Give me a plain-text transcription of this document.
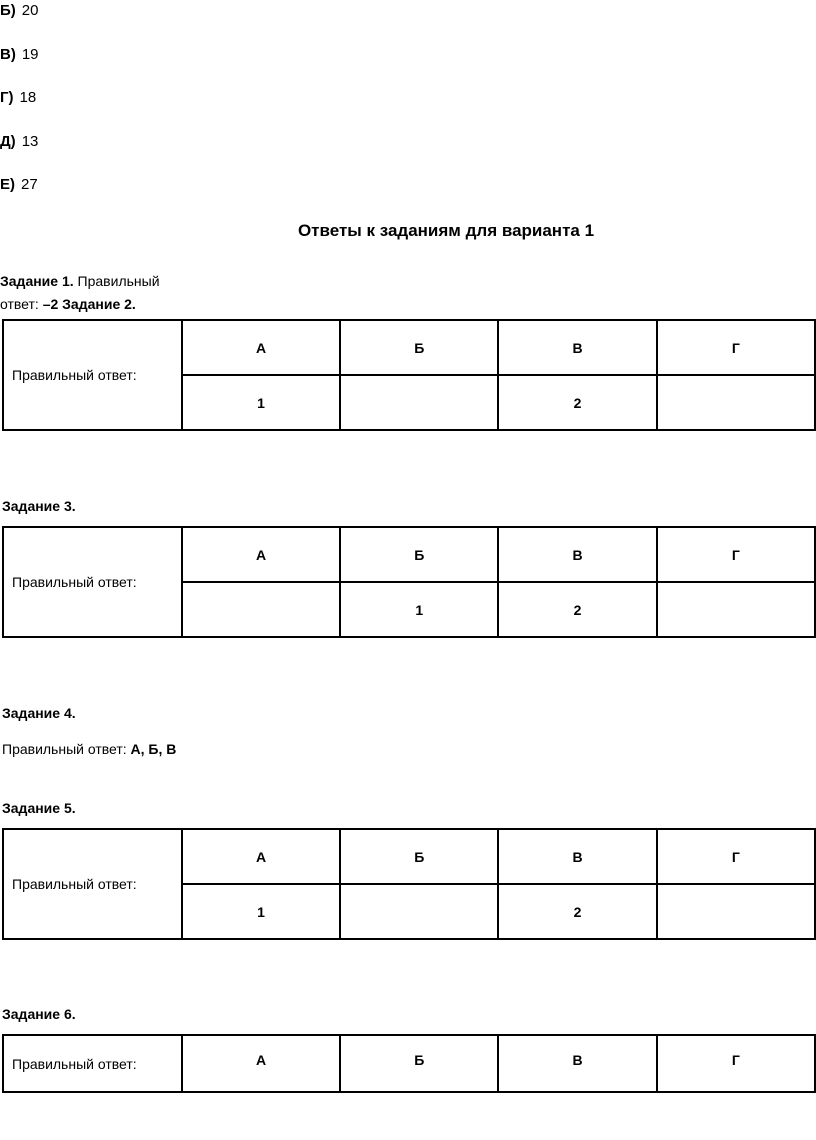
Б) 20
В) 19
Г) 18
Д) 13
Е) 27
Ответы к заданиям для варианта 1
Задание 1. Правильный
ответ: –2 Задание 2.
Правильный ответ:	А	Б	В	Г
	1		2	
Задание 3.
Правильный ответ:	А	Б	В	Г
		1	2	
Задание 4.
Правильный ответ: А, Б, В
Задание 5.
Правильный ответ:	А	Б	В	Г
	1		2	
Задание 6.
Правильный ответ:	А	Б	В	Г
